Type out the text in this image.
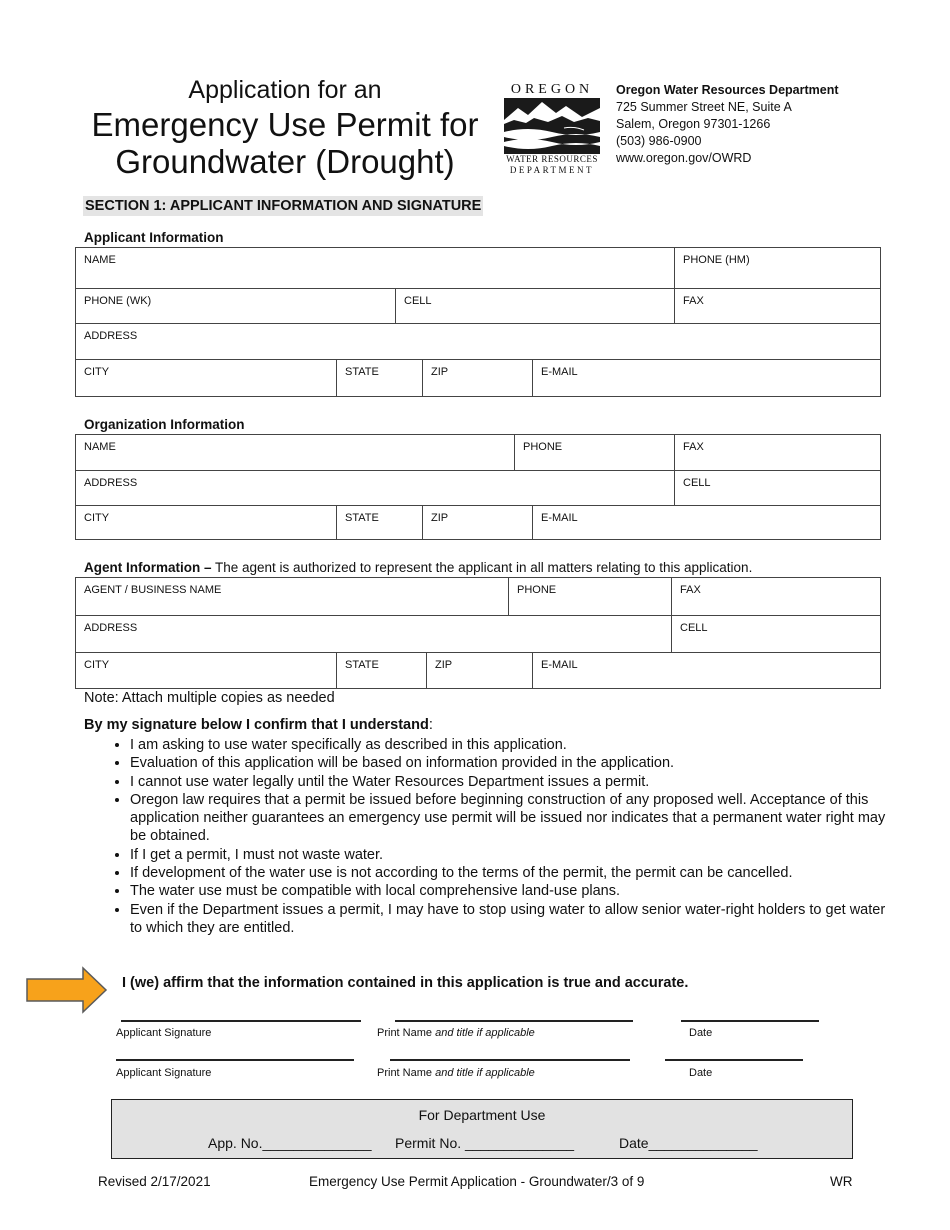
Application for an
Emergency Use Permit for
Groundwater (Drought)
OREGON
WATER RESOURCES
DEPARTMENT
Oregon Water Resources Department
725 Summer Street NE, Suite A
Salem, Oregon 97301-1266
(503) 986-0900
www.oregon.gov/OWRD
SECTION 1: APPLICANT INFORMATION AND SIGNATURE
Applicant Information
NAME	PHONE (HM)
PHONE (WK)	CELL	FAX
ADDRESS
CITY	STATE	ZIP	E-MAIL
Organization Information
NAME	PHONE	FAX
ADDRESS	CELL
CITY	STATE	ZIP	E-MAIL
Agent Information – The agent is authorized to represent the applicant in all matters relating to this application.
AGENT / BUSINESS NAME	PHONE	FAX
ADDRESS	CELL
CITY	STATE	ZIP	E-MAIL
Note: Attach multiple copies as needed
By my signature below I confirm that I understand:
• I am asking to use water specifically as described in this application.
• Evaluation of this application will be based on information provided in the application.
• I cannot use water legally until the Water Resources Department issues a permit.
• Oregon law requires that a permit be issued before beginning construction of any proposed well. Acceptance of this application neither guarantees an emergency use permit will be issued nor indicates that a permanent water right may be obtained.
• If I get a permit, I must not waste water.
• If development of the water use is not according to the terms of the permit, the permit can be cancelled.
• The water use must be compatible with local comprehensive land-use plans.
• Even if the Department issues a permit, I may have to stop using water to allow senior water-right holders to get water to which they are entitled.
I (we) affirm that the information contained in this application is true and accurate.
Applicant Signature	Print Name and title if applicable	Date
Applicant Signature	Print Name and title if applicable	Date
For Department Use
App. No.______________ Permit No. ______________	Date______________
Revised 2/17/2021	Emergency Use Permit Application - Groundwater/3 of 9	WR
